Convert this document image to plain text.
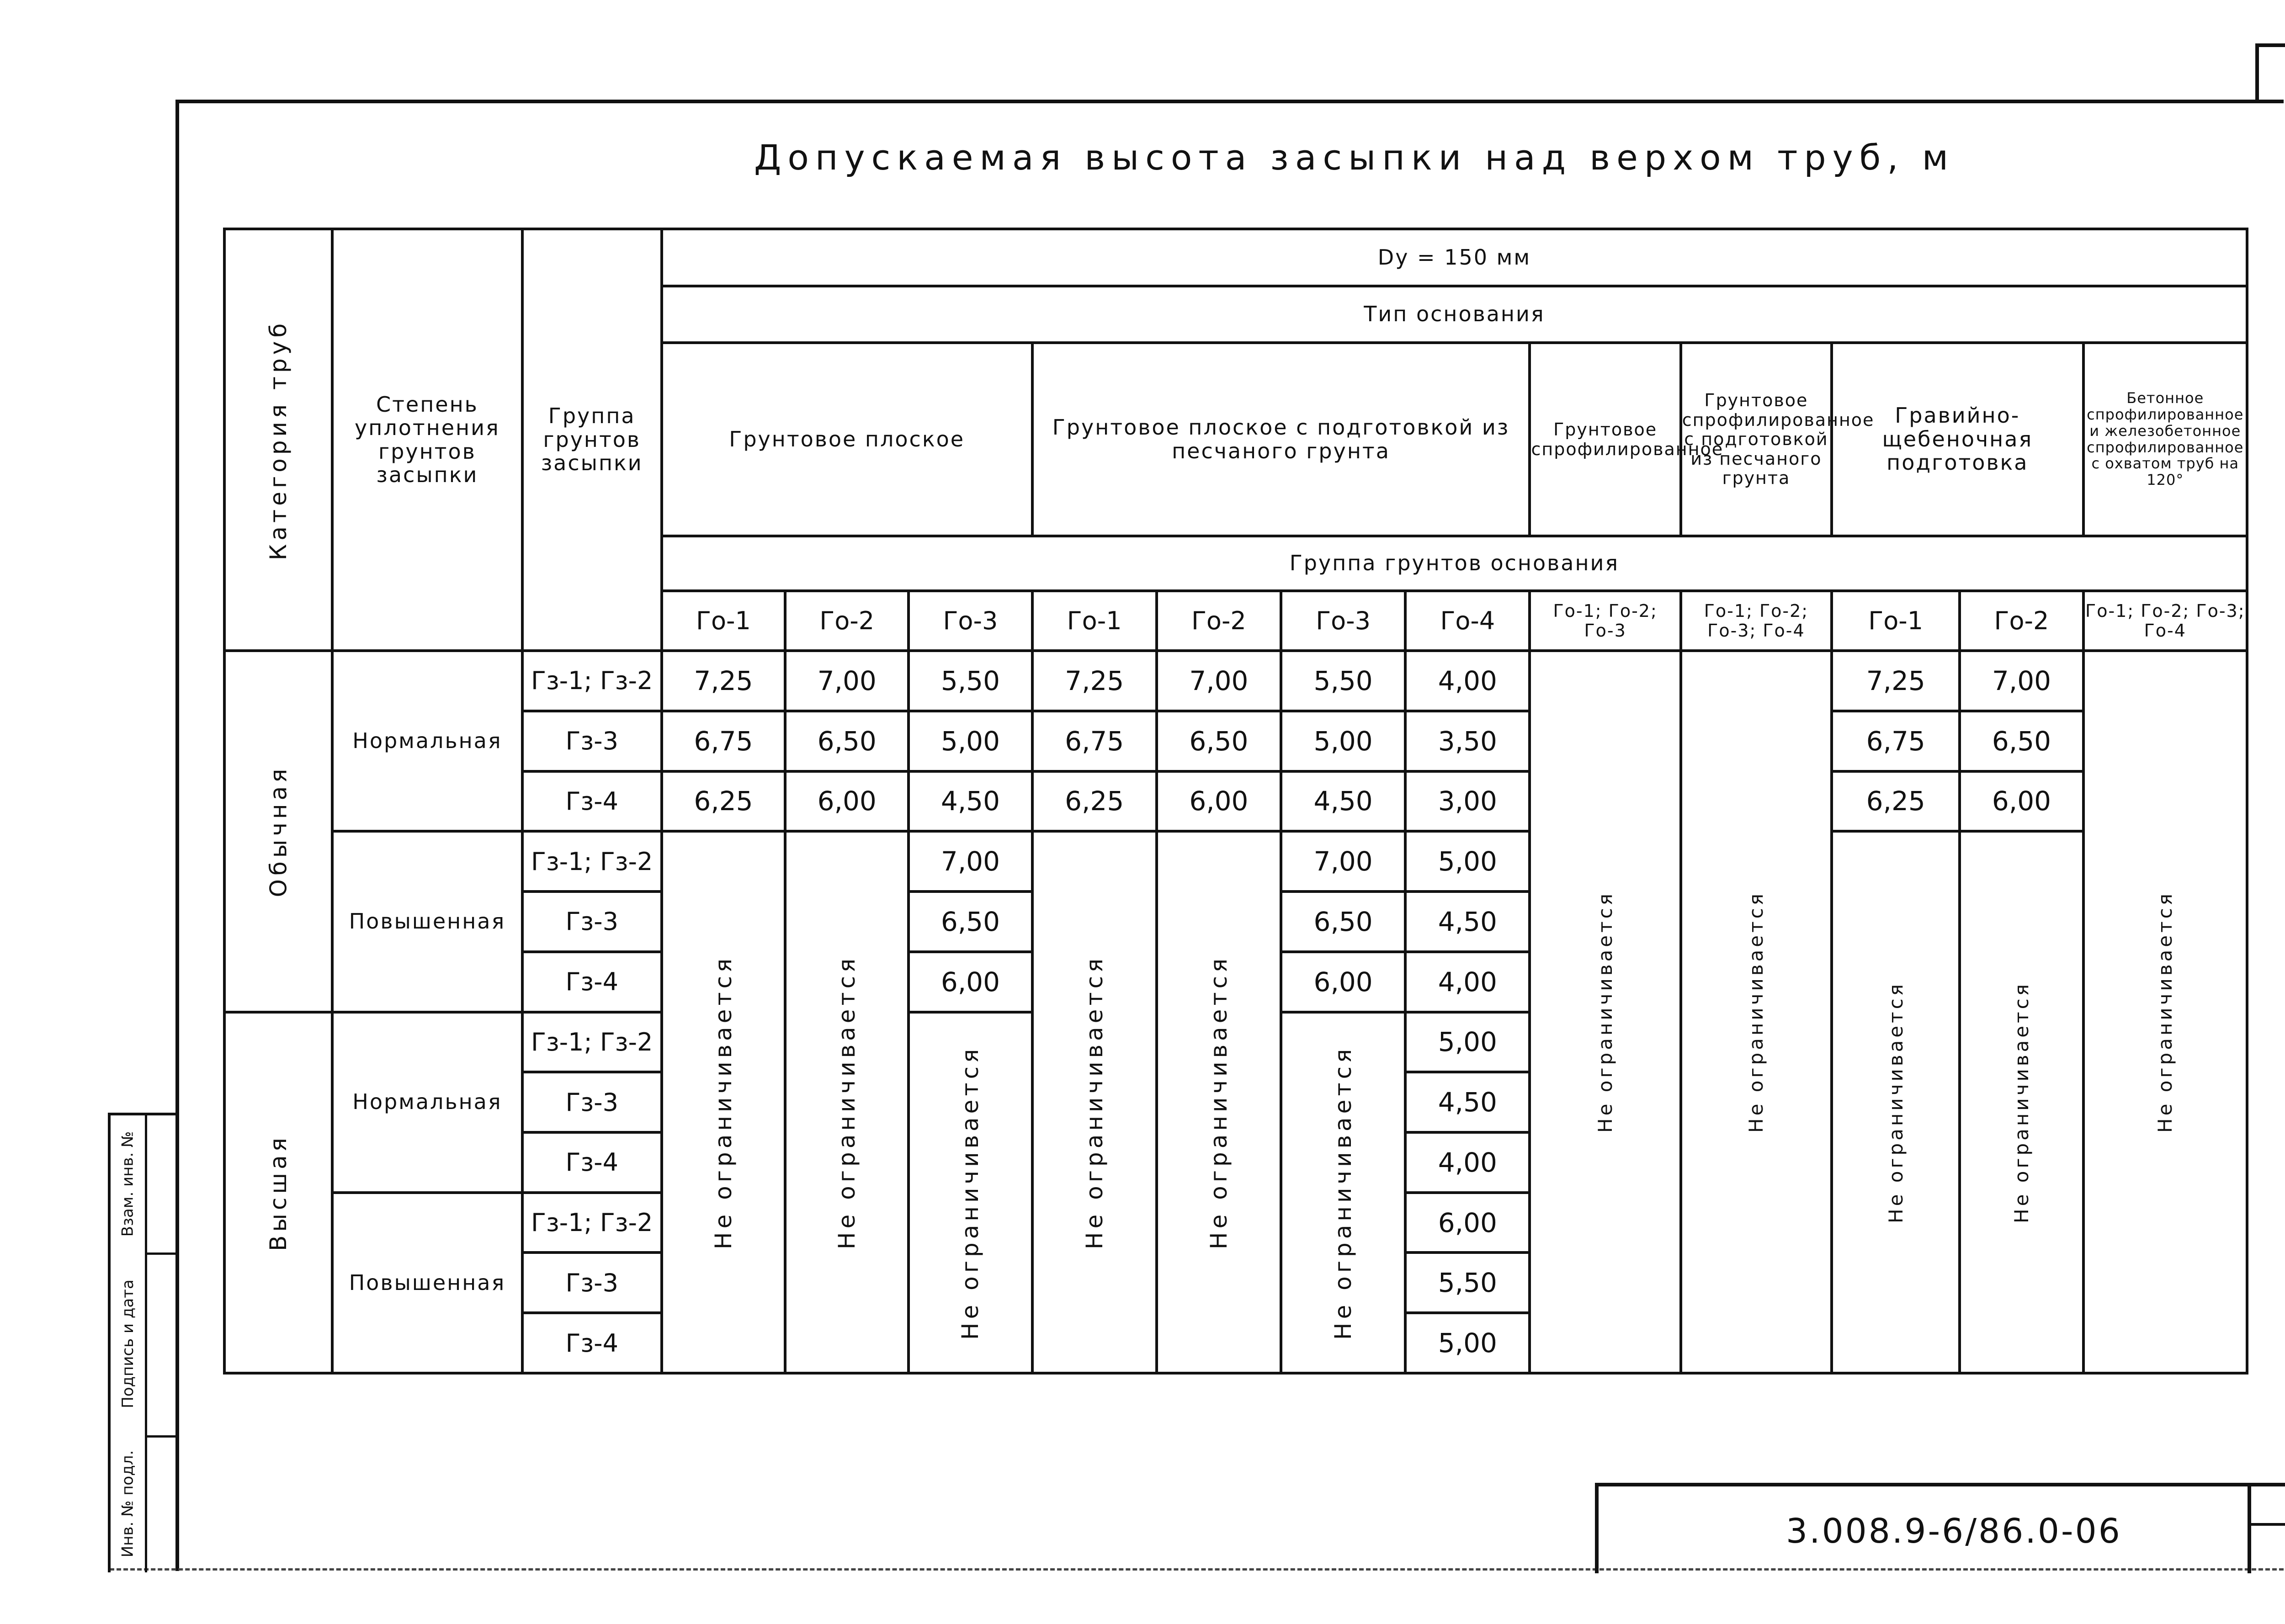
Допускаемая высота засыпки над верхом труб, м
Категория труб	Степень уплотнения грунтов засыпки	Группа грунтов засыпки	Dy = 150 мм											
			Тип основания											
			Грунтовое плоское			Грунтовое плоское с подготовкой из песчаного грунта				Грунтовое спрофилированное	Грунтовое спрофилированное с подготовкой из песчаного грунта	Гравийно-щебеночная подготовка		Бетонное спрофилированное и железобетонное спрофилированное с охватом труб на 120°
			Группа грунтов основания											
			Го-1	Го-2	Го-3	Го-1	Го-2	Го-3	Го-4	Го-1; Го-2; Го-3	Го-1; Го-2; Го-3; Го-4	Го-1	Го-2	Го-1; Го-2; Го-3; Го-4

Обычная	Нормальная	Гз-1; Гз-2	7,25	7,00	5,50	7,25	7,00	5,50	4,00	Не ограничивается	Не ограничивается	7,25	7,00	Не ограничивается

		Гз-3	6,75	6,50	5,00	6,75	6,50	5,00	3,50			6,75	6,50	
		Гз-4	6,25	6,00	4,50	6,25	6,00	4,50	3,00			6,25	6,00	
	Повышенная	Гз-1; Гз-2	Не ограничивается	Не ограничивается	7,00	Не ограничивается	Не ограничивается	7,00	5,00			Не ограничивается	Не ограничивается	

		Гз-3			6,50			6,50	4,50					
		Гз-4			6,00			6,00	4,00					

Высшая	Нормальная	Гз-1; Гз-2			Не ограничивается			Не ограничивается	5,00					
		Гз-3							4,50					
		Гз-4							4,00					
	Повышенная	Гз-1; Гз-2							6,00					
		Гз-3							5,50					
		Гз-4							5,00					
Взам. инв. №
Подпись и дата
Инв. № подл.	3.008.9-6/86.0-06
